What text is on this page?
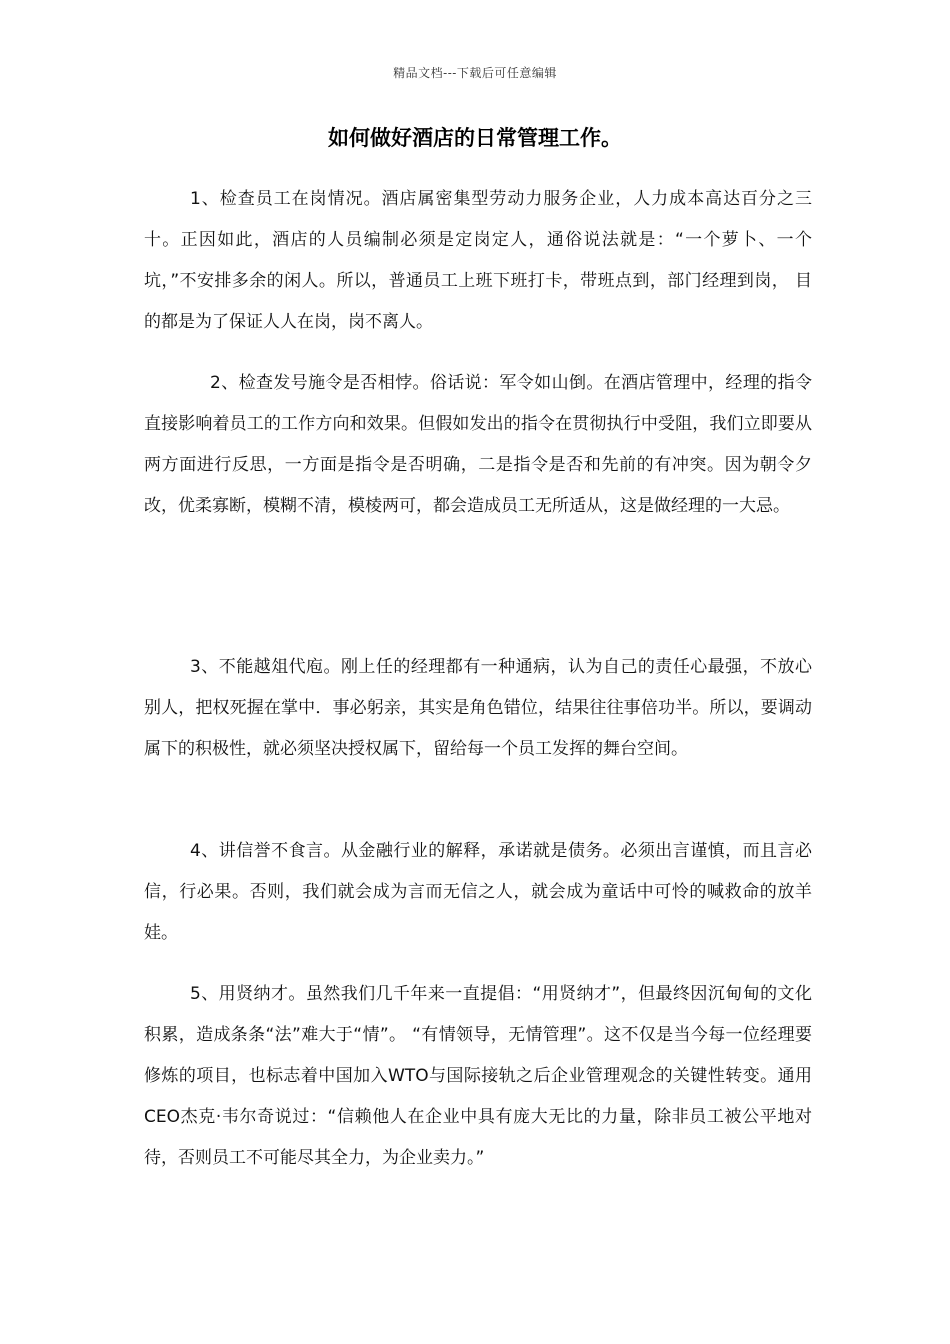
精品文档---下载后可任意编辑
如何做好酒店的日常管理工作。

1、检查员工在岗情况。酒店属密集型劳动力服务企业，人力成本高达百分之三十。正因如此，酒店的人员编制必须是定岗定人，通俗说法就是：“一个萝卜、一个坑，”不安排多余的闲人。所以，普通员工上班下班打卡，带班点到，部门经理到岗， 目的都是为了保证人人在岗，岗不离人。

2、检查发号施令是否相悖。俗话说：军令如山倒。在酒店管理中，经理的指令直接影响着员工的工作方向和效果。但假如发出的指令在贯彻执行中受阻，我们立即要从两方面进行反思，一方面是指令是否明确，二是指令是否和先前的有冲突。因为朝令夕改，优柔寡断，模糊不清，模棱两可，都会造成员工无所适从，这是做经理的一大忌。

3、不能越俎代庖。刚上任的经理都有一种通病，认为自己的责任心最强，不放心别人，把权死握在掌中．事必躬亲，其实是角色错位，结果往往事倍功半。所以，要调动属下的积极性，就必须坚决授权属下，留给每一个员工发挥的舞台空间。

4、讲信誉不食言。从金融行业的解释，承诺就是债务。必须出言谨慎，而且言必信，行必果。否则，我们就会成为言而无信之人，就会成为童话中可怜的喊救命的放羊娃。

5、用贤纳才。虽然我们几千年来一直提倡：“用贤纳才”，但最终因沉甸甸的文化积累，造成条条“法”难大于“情”。 “有情领导，无情管理”。这不仅是当今每一位经理要修炼的项目，也标志着中国加入WTO与国际接轨之后企业管理观念的关键性转变。通用CEO杰克·韦尔奇说过：“信赖他人在企业中具有庞大无比的力量，除非员工被公平地对待，否则员工不可能尽其全力，为企业卖力。”
